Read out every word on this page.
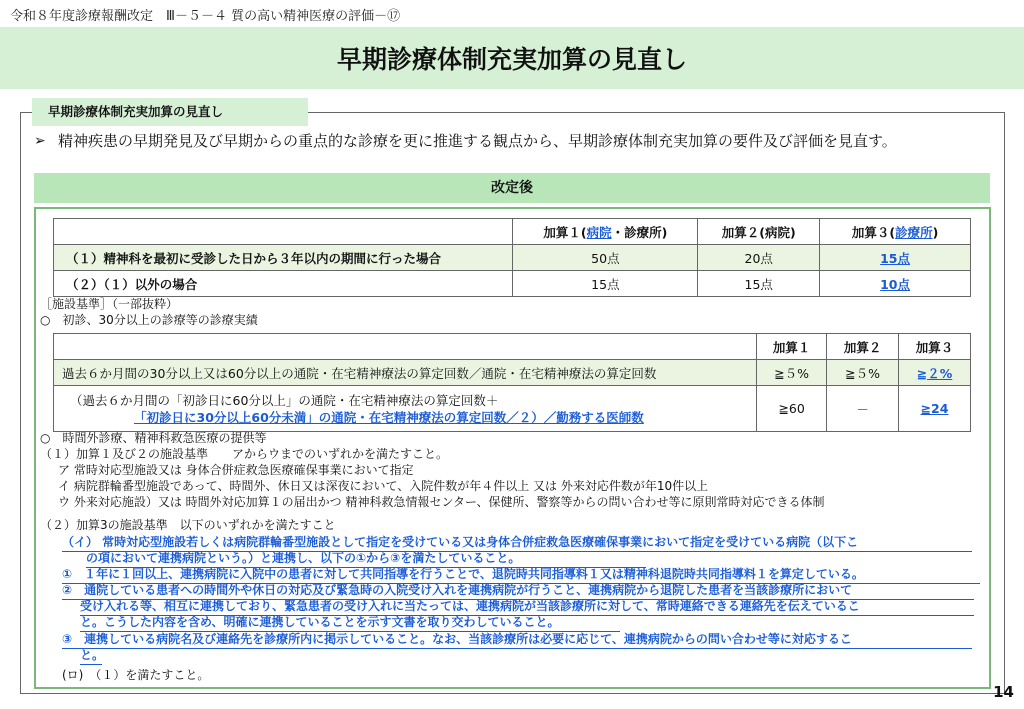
令和８年度診療報酬改定　Ⅲ－５－４ 質の高い精神医療の評価－⑰
早期診療体制充実加算の見直し
早期診療体制充実加算の見直し
➢ 精神疾患の早期発見及び早期からの重点的な診療を更に推進する観点から、早期診療体制充実加算の要件及び評価を見直す。
改定後
	加算１(病院・診療所)	加算２(病院)	加算３(診療所)
（１）精神科を最初に受診した日から３年以内の期間に行った場合	50点	20点	15点
（２）（１）以外の場合	15点	15点	10点
［施設基準］（一部抜粋）
○　初診、30分以上の診療等の診療実績
	加算１	加算２	加算３
過去６か月間の30分以上又は60分以上の通院・在宅精神療法の算定回数／通院・在宅精神療法の算定回数	≧５%	≧５%	≧２%

（過去６か月間の「初診日に60分以上」の通院・在宅精神療法の算定回数＋
「初診日に30分以上60分未満」の通院・在宅精神療法の算定回数／２）／勤務する医師数	≧60	－	≧24
○　時間外診療、精神科救急医療の提供等
（１）加算１及び２の施設基準　　アからウまでのいずれかを満たすこと。
ア 常時対応型施設又は 身体合併症救急医療確保事業において指定
イ 病院群輪番型施設であって、時間外、休日又は深夜において、入院件数が年４件以上 又は 外来対応件数が年10件以上
ウ 外来対応施設）又は 時間外対応加算１の届出かつ 精神科救急情報センター、保健所、警察等からの問い合わせ等に原則常時対応できる体制
（２）加算3の施設基準　以下のいずれかを満たすこと
（イ） 常時対応型施設若しくは病院群輪番型施設として指定を受けている又は身体合併症救急医療確保事業において指定を受けている病院（以下こ
の項において連携病院という。）と連携し、以下の①から③を満たしていること。
①　１年に１回以上、連携病院に入院中の患者に対して共同指導を行うことで、退院時共同指導料１又は精神科退院時共同指導料１を算定している。
②　通院している患者への時間外や休日の対応及び緊急時の入院受け入れを連携病院が行うこと、連携病院から退院した患者を当該診療所において
受け入れる等、相互に連携しており、緊急患者の受け入れに当たっては、連携病院が当該診療所に対して、常時連絡できる連絡先を伝えているこ
と。こうした内容を含め、明確に連携していることを示す文書を取り交わしていること。
③　連携している病院名及び連絡先を診療所内に掲示していること。なお、当該診療所は必要に応じて、連携病院からの問い合わせ等に対応するこ
と。
(ロ)　（１）を満たすこと。
14
